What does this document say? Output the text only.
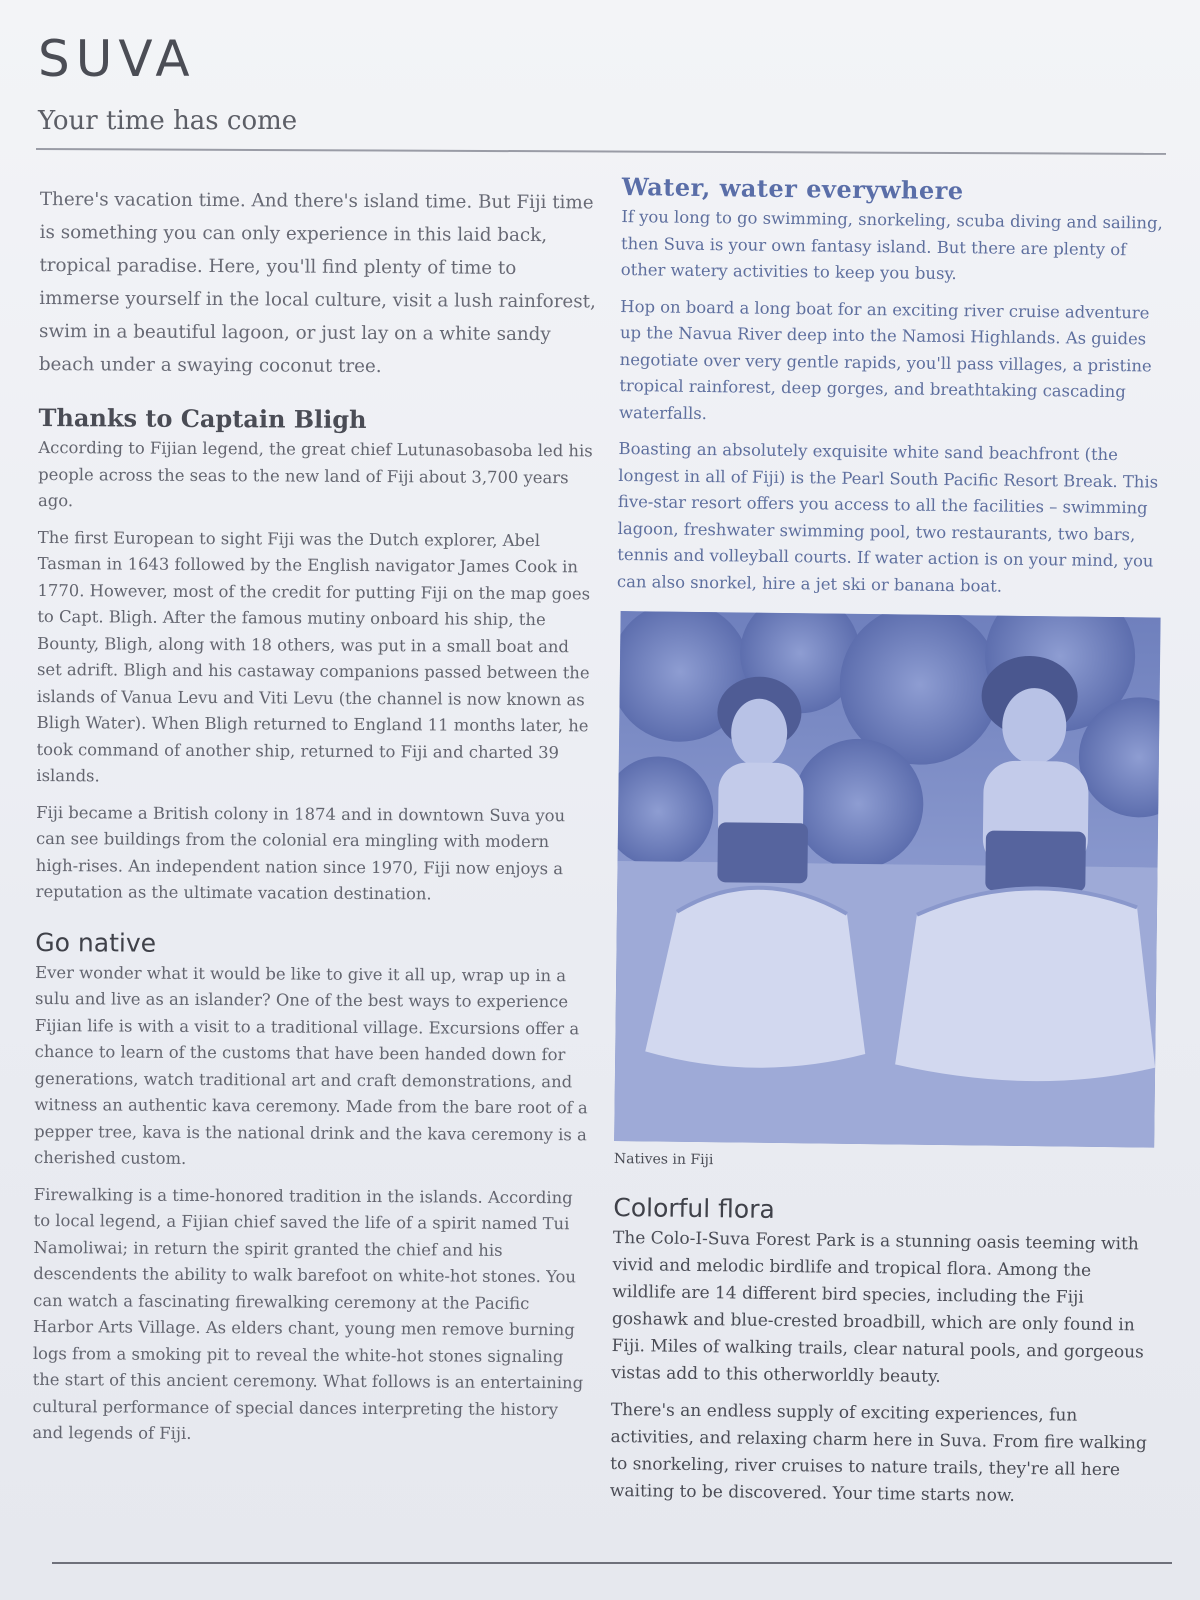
SUVA
Your time has come

There's vacation time. And there's island time. But Fiji time is something you can only experience in this laid back, tropical paradise. Here, you'll find plenty of time to immerse yourself in the local culture, visit a lush rainforest, swim in a beautiful lagoon, or just lay on a white sandy beach under a swaying coconut tree.

Thanks to Captain Bligh

According to Fijian legend, the great chief Lutunasobasoba led his people across the seas to the new land of Fiji about 3,700 years ago.

The first European to sight Fiji was the Dutch explorer, Abel Tasman in 1643 followed by the English navigator James Cook in 1770. However, most of the credit for putting Fiji on the map goes to Capt. Bligh. After the famous mutiny onboard his ship, the Bounty, Bligh, along with 18 others, was put in a small boat and set adrift. Bligh and his castaway companions passed between the islands of Vanua Levu and Viti Levu (the channel is now known as Bligh Water). When Bligh returned to England 11 months later, he took command of another ship, returned to Fiji and charted 39 islands.

Fiji became a British colony in 1874 and in downtown Suva you can see buildings from the colonial era mingling with modern high-rises. An independent nation since 1970, Fiji now enjoys a reputation as the ultimate vacation destination.

Go native

Ever wonder what it would be like to give it all up, wrap up in a sulu and live as an islander? One of the best ways to experience Fijian life is with a visit to a traditional village. Excursions offer a chance to learn of the customs that have been handed down for generations, watch traditional art and craft demonstrations, and witness an authentic kava ceremony. Made from the bare root of a pepper tree, kava is the national drink and the kava ceremony is a cherished custom.

Firewalking is a time-honored tradition in the islands. According to local legend, a Fijian chief saved the life of a spirit named Tui Namoliwai; in return the spirit granted the chief and his descendents the ability to walk barefoot on white-hot stones. You can watch a fascinating firewalking ceremony at the Pacific Harbor Arts Village. As elders chant, young men remove burning logs from a smoking pit to reveal the white-hot stones signaling the start of this ancient ceremony. What follows is an entertaining cultural performance of special dances interpreting the history and legends of Fiji.

Water, water everywhere

If you long to go swimming, snorkeling, scuba diving and sailing, then Suva is your own fantasy island. But there are plenty of other watery activities to keep you busy.

Hop on board a long boat for an exciting river cruise adventure up the Navua River deep into the Namosi Highlands. As guides negotiate over very gentle rapids, you'll pass villages, a pristine tropical rainforest, deep gorges, and breathtaking cascading waterfalls.

Boasting an absolutely exquisite white sand beachfront (the longest in all of Fiji) is the Pearl South Pacific Resort Break. This five-star resort offers you access to all the facilities – swimming lagoon, freshwater swimming pool, two restaurants, two bars, tennis and volleyball courts. If water action is on your mind, you can also snorkel, hire a jet ski or banana boat.

Natives in Fiji
Colorful flora

The Colo-I-Suva Forest Park is a stunning oasis teeming with vivid and melodic birdlife and tropical flora. Among the wildlife are 14 different bird species, including the Fiji goshawk and blue-crested broadbill, which are only found in Fiji. Miles of walking trails, clear natural pools, and gorgeous vistas add to this otherworldly beauty.

There's an endless supply of exciting experiences, fun activities, and relaxing charm here in Suva. From fire walking to snorkeling, river cruises to nature trails, they're all here waiting to be discovered. Your time starts now.
